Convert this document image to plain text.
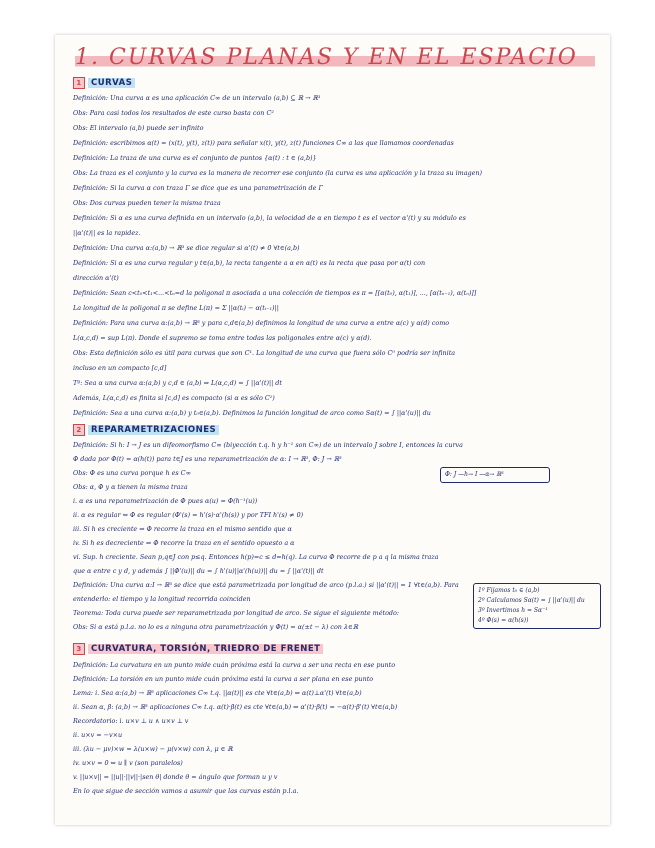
1. CURVAS PLANAS Y EN EL ESPACIO
1 CURVAS
Definición: Una curva α es una aplicación C∞ de un intervalo (a,b) ⊆ ℝ → ℝ³
Obs: Para casi todos los resultados de este curso basta con C²
Obs: El intervalo (a,b) puede ser infinito
Definición: escribimos α(t) = (x(t), y(t), z(t)) para señalar x(t), y(t), z(t) funciones C∞ a las que llamamos coordenadas
Definición: La traza de una curva es el conjunto de puntos {α(t) : t ∈ (a,b)}
Obs: La traza es el conjunto y la curva es la manera de recorrer ese conjunto (la curva es una aplicación y la traza su imagen)
Definición: Si la curva α con traza Γ se dice que es una parametrización de Γ
Obs: Dos curvas pueden tener la misma traza
Definición: Si α es una curva definida en un intervalo (a,b), la velocidad de α en tiempo t es el vector α'(t) y su módulo es
||α'(t)|| es la rapidez.
Definición: Una curva α:(a,b) → ℝ³ se dice regular si α'(t) ≠ 0 ∀t∈(a,b)
Definición: Si α es una curva regular y t∈(a,b), la recta tangente a α en α(t) es la recta que pasa por α(t) con
dirección α'(t)
Definición: Sean c<t₀<t₁<...<tₙ=d la poligonal π asociada a una colección de tiempos es π = [[α(t₀), α(t₁)], ..., [α(tₙ₋₁), α(tₙ)]]
La longitud de la poligonal π se define L(π) = Σ ||α(tᵢ) − α(tᵢ₋₁)||
Definición: Para una curva α:(a,b) → ℝ³ y para c,d∈(a,b) definimos la longitud de una curva α entre α(c) y α(d) como
L(α,c,d) = sup L(π). Donde el supremo se toma entre todas las poligonales entre α(c) y α(d).
Obs: Esta definición sólo es útil para curvas que son C¹. La longitud de una curva que fuera sólo C⁰ podría ser infinita
incluso en un compacto [c,d]
Tº: Sea α una curva α:(a,b) y c,d ∈ (a,b) ⇒ L(α,c,d) = ∫ ||α'(t)|| dt
Además, L(α,c,d) es finita si [c,d] es compacto (si α es sólo C¹)
Definición: Sea α una curva α:(a,b) y t₀∈(a,b). Definimos la función longitud de arco como Sα(t) = ∫ ||α'(u)|| du
2 REPARAMETRIZACIONES
Definición: Si h: I → J es un difeomorfismo C∞ (biyección t.q. h y h⁻¹ son C∞) de un intervalo J sobre I, entonces la curva
Φ dada por Φ(t) = α(h(t)) para t∈J es una reparametrización de α: I → ℝ³, Φ: J → ℝ³
Obs: Φ es una curva porque h es C∞
Obs: α, Φ y α tienen la misma traza
i. α es una reparametrización de Φ pues α(u) = Φ(h⁻¹(u))
ii. α es regular ⇔ Φ es regular (Φ'(s) = h'(s)·α'(h(s)) y por TFI h'(s) ≠ 0)
iii. Si h es creciente ⇒ Φ recorre la traza en el mismo sentido que α
iv. Si h es decreciente ⇒ Φ recorre la traza en el sentido opuesto a α
vi. Sup. h creciente. Sean p,q∈J con p≤q. Entonces h(p)=c ≤ d=h(q). La curva Φ recorre de p a q la misma traza
que α entre c y d, y además ∫ ||Φ'(u)|| du = ∫ h'(u)||α'(h(u))|| du = ∫ ||α'(t)|| dt
Definición: Una curva α:I → ℝ³ se dice que está parametrizada por longitud de arco (p.l.a.) si ||α'(t)|| = 1 ∀t∈(a,b). Para
entenderlo: el tiempo y la longitud recorrida coinciden
Teorema: Toda curva puede ser reparametrizada por longitud de arco. Se sigue el siguiente método:
Obs: Si α está p.l.a. no lo es a ninguna otra parametrización y Φ(t) = α(±t − λ) con λ∈ℝ
3 CURVATURA, TORSIÓN, TRIEDRO DE FRENET
Definición: La curvatura en un punto mide cuán próxima está la curva a ser una recta en ese punto
Definición: La torsión en un punto mide cuán próxima está la curva a ser plana en ese punto
Lema: i. Sea α:(a,b) → ℝ³ aplicaciones C∞ t.q. ||α(t)|| es cte ∀t∈(a,b) ⇒ α(t)⊥α'(t) ∀t∈(a,b)
ii. Sean α, β: (a,b) → ℝ³ aplicaciones C∞ t.q. α(t)·β(t) es cte ∀t∈(a,b) ⇒ α'(t)·β(t) = −α(t)·β'(t) ∀t∈(a,b)
Recordatorio: i. u×v ⊥ u ∧ u×v ⊥ v
ii. u×v = −v×u
iii. (λu − μv)×w = λ(u×w) − μ(v×w) con λ, μ ∈ ℝ
iv. u×v = 0 ⇔ u ∥ v (son paralelos)
v. ||u×v|| = ||u||·||v||·|sen θ| donde θ = ángulo que forman u y v
En lo que sigue de sección vamos a asumir que las curvas están p.l.a.
Φ: J —h→ I —α→ ℝ³
1º Fijamos t₀ ∈ (a,b)
2º Calculamos Sα(t) = ∫ ||α'(u)|| du
3º Invertimos h = Sα⁻¹
4º Φ(s) = α(h(s))
